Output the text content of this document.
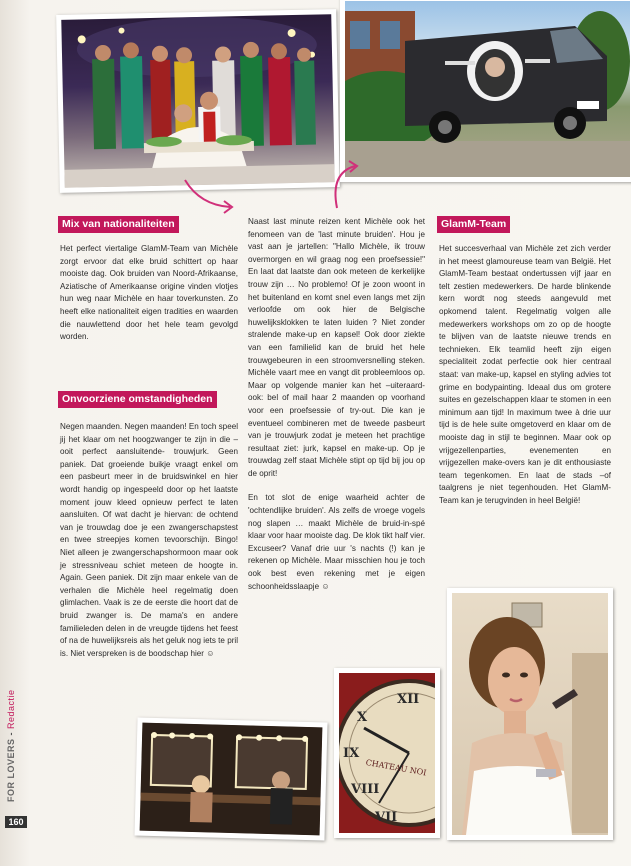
Mix van nationaliteiten

Het perfect viertalige GlamM-Team van Michèle zorgt ervoor dat elke bruid schittert op haar mooiste dag. Ook bruiden van Noord-Afrikaanse, Aziatische of Amerikaanse origine vinden vlotjes hun weg naar Michèle en haar toverkunsten. Zo heeft elke nationaliteit eigen tradities en waarden die nauwlettend door het hele team gevolgd worden.

Onvoorziene omstandigheden

Negen maanden. Negen maanden! En toch speel jij het klaar om net hoogzwanger te zijn in die –ooit perfect aansluitende- trouwjurk. Geen paniek. Dat groeiende buikje vraagt enkel om een pasbeurt meer in de bruidswinkel en hier wordt handig op ingespeeld door op het laatste moment jouw kleed opnieuw perfect te laten aansluiten. Of wat dacht je hiervan: de ochtend van je trouwdag doe je een zwangerschapstest en twee streepjes komen tevoorschijn. Bingo! Niet alleen je zwangerschapshormoon maar ook je stressniveau schiet meteen de hoogte in. Again. Geen paniek. Dit zijn maar enkele van de verhalen die Michèle heel regelmatig doen glimlachen. Vaak is ze de eerste die hoort dat de bruid zwanger is. De mama's en andere familieleden delen in de vreugde tijdens het feest of na de huwelijksreis als het geluk nog iets te pril is. Niet verspreken is de boodschap hier ☺

Naast last minute reizen kent Michèle ook het fenomeen van de 'last minute bruiden'. Hou je vast aan je jartellen: "Hallo Michèle, ik trouw overmorgen en wil graag nog een proefsessie!" En laat dat laatste dan ook meteen de kerkelijke trouw zijn … No problemo! Of je zoon woont in het buitenland en komt snel even langs met zijn verloofde om ook hier de Belgische huwelijksklokken te laten luiden ? Niet zonder stralende make-up en kapsel! Ook door ziekte van een familielid kan de bruid het hele trouwgebeuren in een stroomversnelling steken. Michèle vaart mee en vangt dit probleemloos op. Maar op volgende manier kan het –uiteraard- ook: bel of mail haar 2 maanden op voorhand voor een proefsessie of try-out. Die kan je eventueel combineren met de tweede pasbeurt van je trouwjurk zodat je meteen het prachtige resultaat ziet: jurk, kapsel en make-up. Op je trouwdag zelf staat Michèle stipt op tijd bij jou op de oprit!

En tot slot de enige waarheid achter de 'ochtendlijke bruiden'. Als zelfs de vroege vogels nog slapen … maakt Michèle de bruid-in-spé klaar voor haar mooiste dag. De klok tikt half vier. Excuseer? Vanaf drie uur 's nachts (!) kan je rekenen op Michèle. Maar misschien hou je toch ook best even rekening met je eigen schoonheidsslaapje ☺

GlamM-Team

Het succesverhaal van Michèle zet zich verder in het meest glamoureuse team van België. Het GlamM-Team bestaat ondertussen vijf jaar en telt zestien medewerkers. De harde blinkende kern wordt nog steeds aangevuld met opkomend talent. Regelmatig volgen alle medewerkers workshops om zo op de hoogte te blijven van de laatste nieuwe trends en technieken. Elk teamlid heeft zijn eigen specialiteit zodat perfectie ook hier centraal staat: van make-up, kapsel en styling advies tot grime en bodypainting. Ideaal dus om grotere suites en gezelschappen klaar te stomen in een minimum aan tijd! In maximum twee à drie uur tijd is de hele suite omgetoverd en klaar om de mooiste dag in stijl te beginnen. Maar ook op vrijgezellenparties, evenementen en vrijgezellen make-overs kan je dit enthousiaste team tegenkomen. En laat de stads –of taalgrens je niet tegenhouden. Het GlamM-Team kan je terugvinden in heel België!

XII
X
IX
VIII
VII
CHATEAU NOI
FOR LOVERS - Redactie
160
